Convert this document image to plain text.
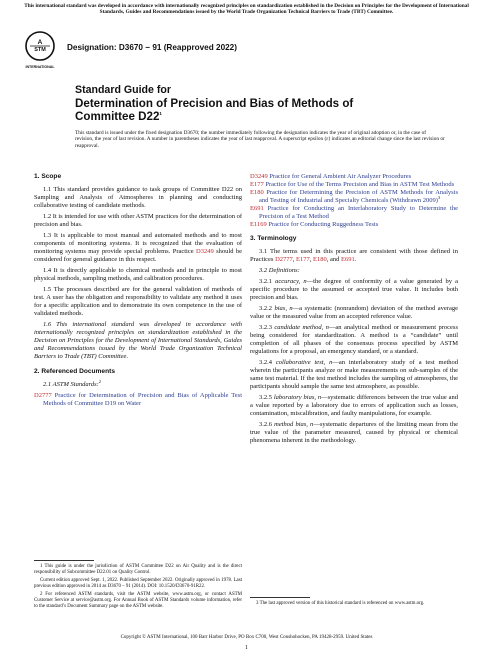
This international standard was developed in accordance with internationally recognized principles on standardization established in the Decision on Principles for the Development of International Standards, Guides and Recommendations issued by the World Trade Organization Technical Barriers to Trade (TBT) Committee.
A
STM
INTERNATIONAL
Designation: D3670 − 91 (Reapproved 2022)
Standard Guide for
Determination of Precision and Bias of Methods of
Committee $D22^1$
This standard is issued under the fixed designation D3670; the number immediately following the designation indicates the year of original adoption or, in the case of revision, the year of last revision. A number in parentheses indicates the year of last reapproval. A superscript epsilon (ε) indicates an editorial change since the last revision or reapproval.
1. Scope
1.1 This standard provides guidance to task groups of Committee D22 on Sampling and Analysis of Atmospheres in planning and conducting collaborative testing of candidate methods.
1.2 It is intended for use with other ASTM practices for the determination of precision and bias.
1.3 It is applicable to most manual and automated methods and to most components of monitoring systems. It is recognized that the evaluation of monitoring systems may provide special problems. Practice D3249 should be considered for general guidance in this respect.
1.4 It is directly applicable to chemical methods and in principle to most physical methods, sampling methods, and calibration procedures.
1.5 The processes described are for the general validation of methods of test. A user has the obligation and responsibility to validate any method it uses for a specific application and to demonstrate its own competence in the use of validated methods.
1.6 This international standard was developed in accordance with internationally recognized principles on standardization established in the Decision on Principles for the Development of International Standards, Guides and Recommendations issued by the World Trade Organization Technical Barriers to Trade (TBT) Committee.
2. Referenced Documents
2.1 ASTM Standards:$^2$
D2777 Practice for Determination of Precision and Bias of Applicable Test Methods of Committee D19 on Water
D3249 Practice for General Ambient Air Analyzer Procedures
E177 Practice for Use of the Terms Precision and Bias in ASTM Test Methods
E180 Practice for Determining the Precision of ASTM Methods for Analysis and Testing of Industrial and Specialty Chemicals (Withdrawn 2009)$^3$
E691 Practice for Conducting an Interlaboratory Study to Determine the Precision of a Test Method
E1169 Practice for Conducting Ruggedness Tests
3. Terminology
3.1 The terms used in this practice are consistent with those defined in Practices D2777, E177, E180, and E691.
3.2 Definitions:
3.2.1 accuracy, n—the degree of conformity of a value generated by a specific procedure to the assumed or accepted true value. It includes both precision and bias.
3.2.2 bias, n—a systematic (nonrandom) deviation of the method average value or the measured value from an accepted reference value.
3.2.3 candidate method, n—an analytical method or measurement process being considered for standardization. A method is a “candidate” until completion of all phases of the consensus process specified by ASTM regulations for a proposal, an emergency standard, or a standard.
3.2.4 collaborative test, n—an interlaboratory study of a test method wherein the participants analyze or make measurements on sub-samples of the same test material. If the test method includes the sampling of atmospheres, the participants should sample the same test atmosphere, as possible.
3.2.5 laboratory bias, n—systematic differences between the true value and a value reported by a laboratory due to errors of application such as losses, contamination, miscalibration, and faulty manipulations, for example.
3.2.6 method bias, n—systematic departures of the limiting mean from the true value of the parameter measured, caused by physical or chemical phenomena inherent in the methodology.

1 This guide is under the jurisdiction of ASTM Committee D22 on Air Quality and is the direct responsibility of Subcommittee D22.01 on Quality Control.

Current edition approved Sept. 1, 2022. Published September 2022. Originally approved in 1978. Last previous edition approved in 2014 as D3670 – 91 (2014). DOI: 10.1520/D3670-91R22.

2 For referenced ASTM standards, visit the ASTM website, www.astm.org, or contact ASTM Customer Service at service@astm.org. For Annual Book of ASTM Standards volume information, refer to the standard’s Document Summary page on the ASTM website.

3 The last approved version of this historical standard is referenced on www.astm.org.

Copyright © ASTM International, 100 Barr Harbor Drive, PO Box C700, West Conshohocken, PA 19428-2959. United States
1
